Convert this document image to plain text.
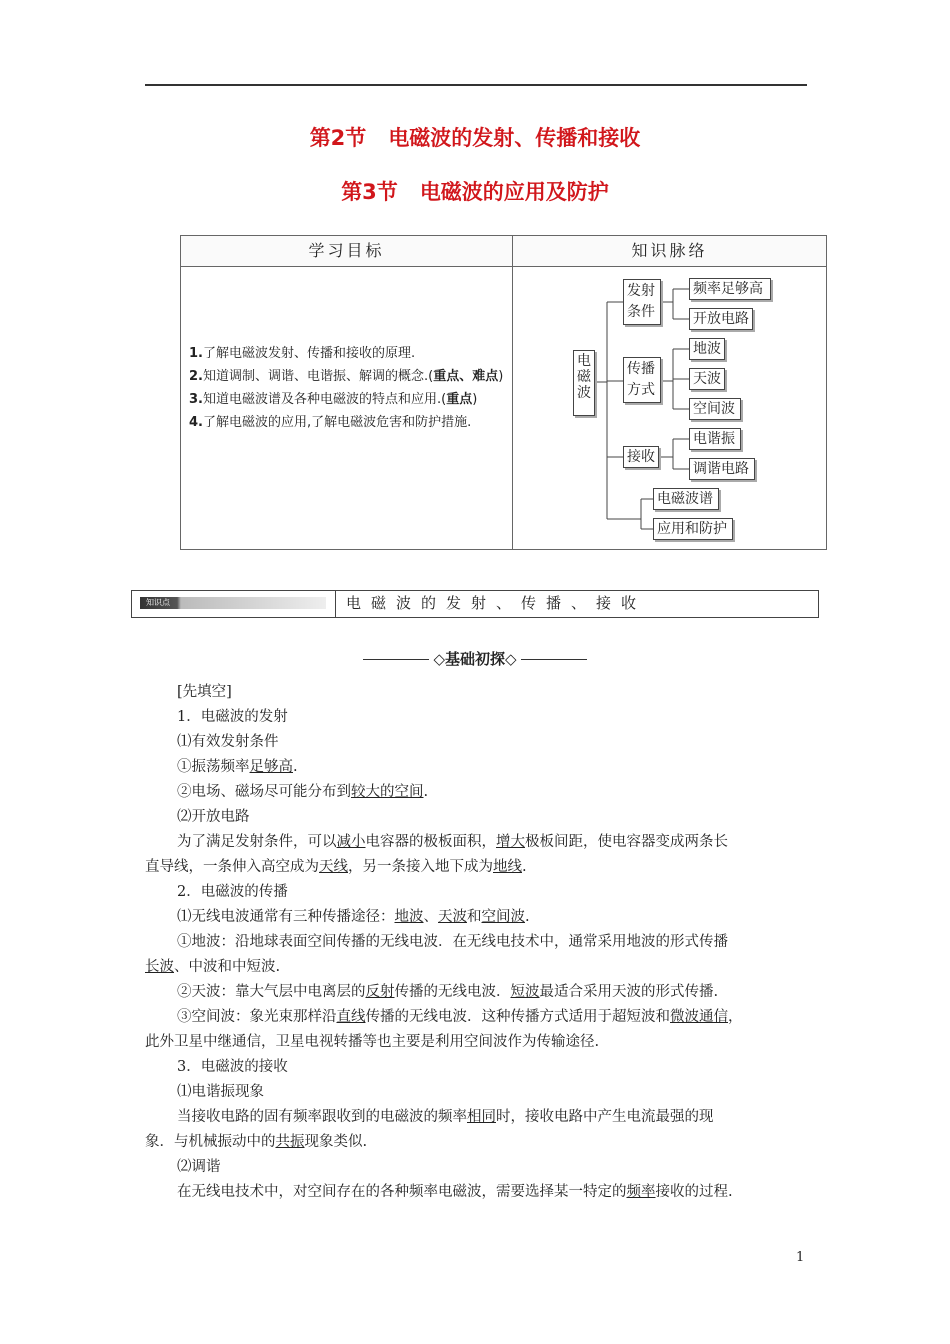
第2节 电磁波的发射、传播和接收
第3节 电磁波的应用及防护
学习目标	知识脉络
1.了解电磁波发射、传播和接收的原理.
2.知道调制、调谐、电谐振、解调的概念.(重点、难点)
3.知道电磁波谱及各种电磁波的特点和应用.(重点)
4.了解电磁波的应用,了解电磁波危害和防护措施.
电磁波
发射条件
频率足够高
开放电路
传播方式
地波
天波
空间波
接收
电谐振
调谐电路
电磁波谱
应用和防护
知识点	电磁波的发射、传播、接收
◇基础初探◇

[先填空]

1．电磁波的发射

⑴有效发射条件

①振荡频率足够高.

②电场、磁场尽可能分布到较大的空间.

⑵开放电路

为了满足发射条件，可以减小电容器的极板面积，增大极板间距，使电容器变成两条长

直导线，一条伸入高空成为天线，另一条接入地下成为地线.

2．电磁波的传播

⑴无线电波通常有三种传播途径：地波、天波和空间波.

①地波：沿地球表面空间传播的无线电波．在无线电技术中，通常采用地波的形式传播

长波、中波和中短波.

②天波：靠大气层中电离层的反射传播的无线电波．短波最适合采用天波的形式传播.

③空间波：象光束那样沿直线传播的无线电波．这种传播方式适用于超短波和微波通信，

此外卫星中继通信，卫星电视转播等也主要是利用空间波作为传输途径.

3．电磁波的接收

⑴电谐振现象

当接收电路的固有频率跟收到的电磁波的频率相同时，接收电路中产生电流最强的现

象．与机械振动中的共振现象类似.

⑵调谐

在无线电技术中，对空间存在的各种频率电磁波，需要选择某一特定的频率接收的过程.

1
